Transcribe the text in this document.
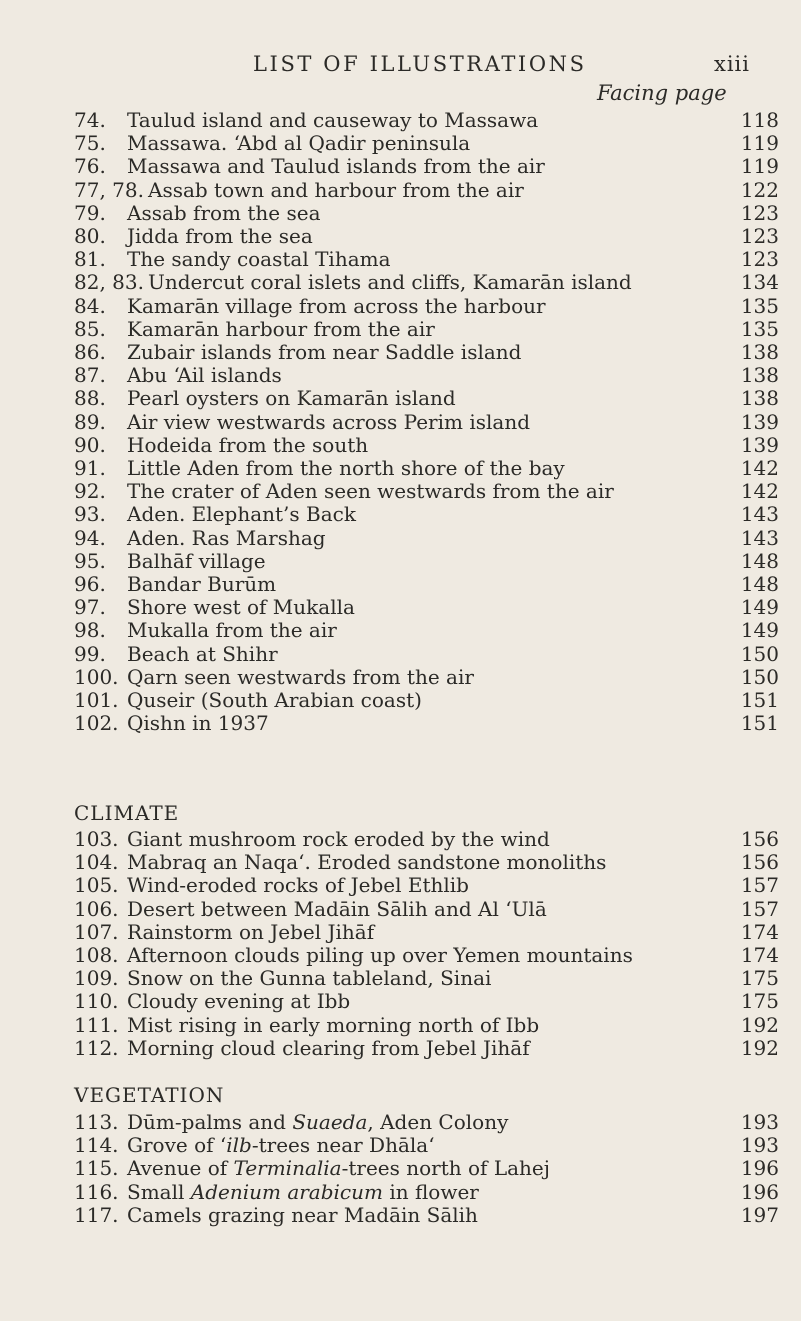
LIST OF ILLUSTRATIONS	xiii
Facing page
74.	Taulud island and causeway to Massawa	118
75.	Massawa. ‘Abd al Qadir peninsula	119
76.	Massawa and Taulud islands from the air	119
77, 78. Assab town and harbour from the air	122
79.	Assab from the sea	123
80.	Jidda from the sea	123
81.	The sandy coastal Tihama	123
82, 83. Undercut coral islets and cliffs, Kamarān island	134
84.	Kamarān village from across the harbour	135
85.	Kamarān harbour from the air	135
86.	Zubair islands from near Saddle island	138
87.	Abu ‘Ail islands	138
88.	Pearl oysters on Kamarān island	138
89.	Air view westwards across Perim island	139
90.	Hodeida from the south	139
91.	Little Aden from the north shore of the bay	142
92.	The crater of Aden seen westwards from the air	142
93.	Aden. Elephant’s Back	143
94.	Aden. Ras Marshag	143
95.	Balhāf village	148
96.	Bandar Burūm	148
97.	Shore west of Mukalla	149
98.	Mukalla from the air	149
99.	Beach at Shihr	150
100. Qarn seen westwards from the air	150
101. Quseir (South Arabian coast)	151
102. Qishn in 1937	151
CLIMATE
103. Giant mushroom rock eroded by the wind	156
104. Mabraq an Naqa‘. Eroded sandstone monoliths	156
105. Wind-eroded rocks of Jebel Ethlib	157
106. Desert between Madāin Sālih and Al ‘Ulā	157
107. Rainstorm on Jebel Jihāf	174
108. Afternoon clouds piling up over Yemen mountains	174
109. Snow on the Gunna tableland, Sinai	175
110. Cloudy evening at Ibb	175
111. Mist rising in early morning north of Ibb	192
112. Morning cloud clearing from Jebel Jihāf	192
VEGETATION
113. Dūm-palms and Suaeda, Aden Colony	193
114. Grove of ‘ilb-trees near Dhāla‘	193
115. Avenue of Terminalia-trees north of Lahej	196
116. Small Adenium arabicum in flower	196
117. Camels grazing near Madāin Sālih	197
